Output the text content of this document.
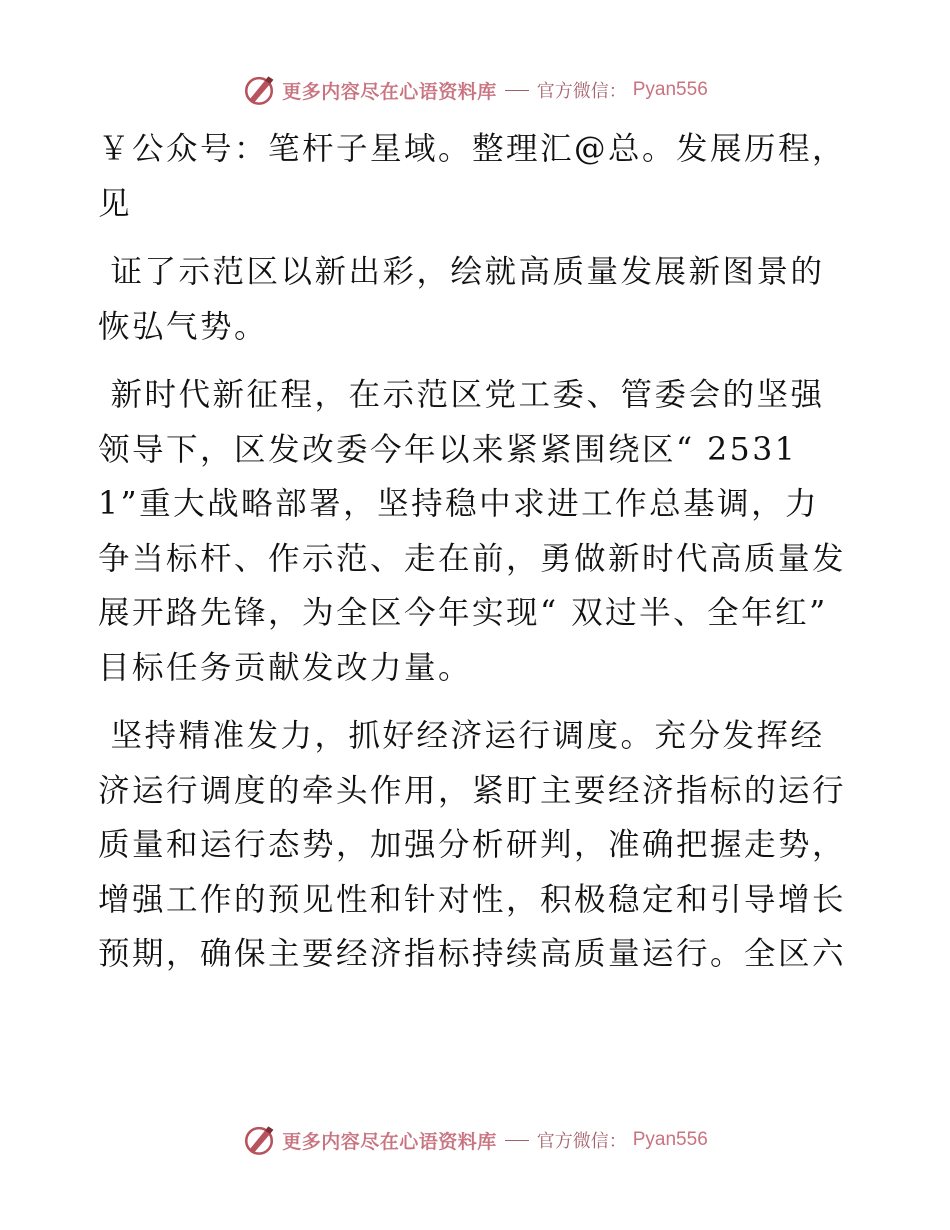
更多内容尽在心语资料库 官方微信： Pyan556

￥公众号：笔杆子星域。整理汇@总。发展历程，见

证了示范区以新出彩，绘就高质量发展新图景的恢弘气势。

新时代新征程，在示范区党工委、管委会的坚强领导下，区发改委今年以来紧紧围绕区“ 25311”重大战略部署，坚持稳中求进工作总基调，力争当标杆、作示范、走在前，勇做新时代高质量发展开路先锋，为全区今年实现“ 双过半、全年红” 目标任务贡献发改力量。

坚持精准发力，抓好经济运行调度。充分发挥经济运行调度的牵头作用，紧盯主要经济指标的运行质量和运行态势，加强分析研判，准确把握走势，增强工作的预见性和针对性，积极稳定和引导增长预期，确保主要经济指标持续高质量运行。全区六

更多内容尽在心语资料库 官方微信： Pyan556
